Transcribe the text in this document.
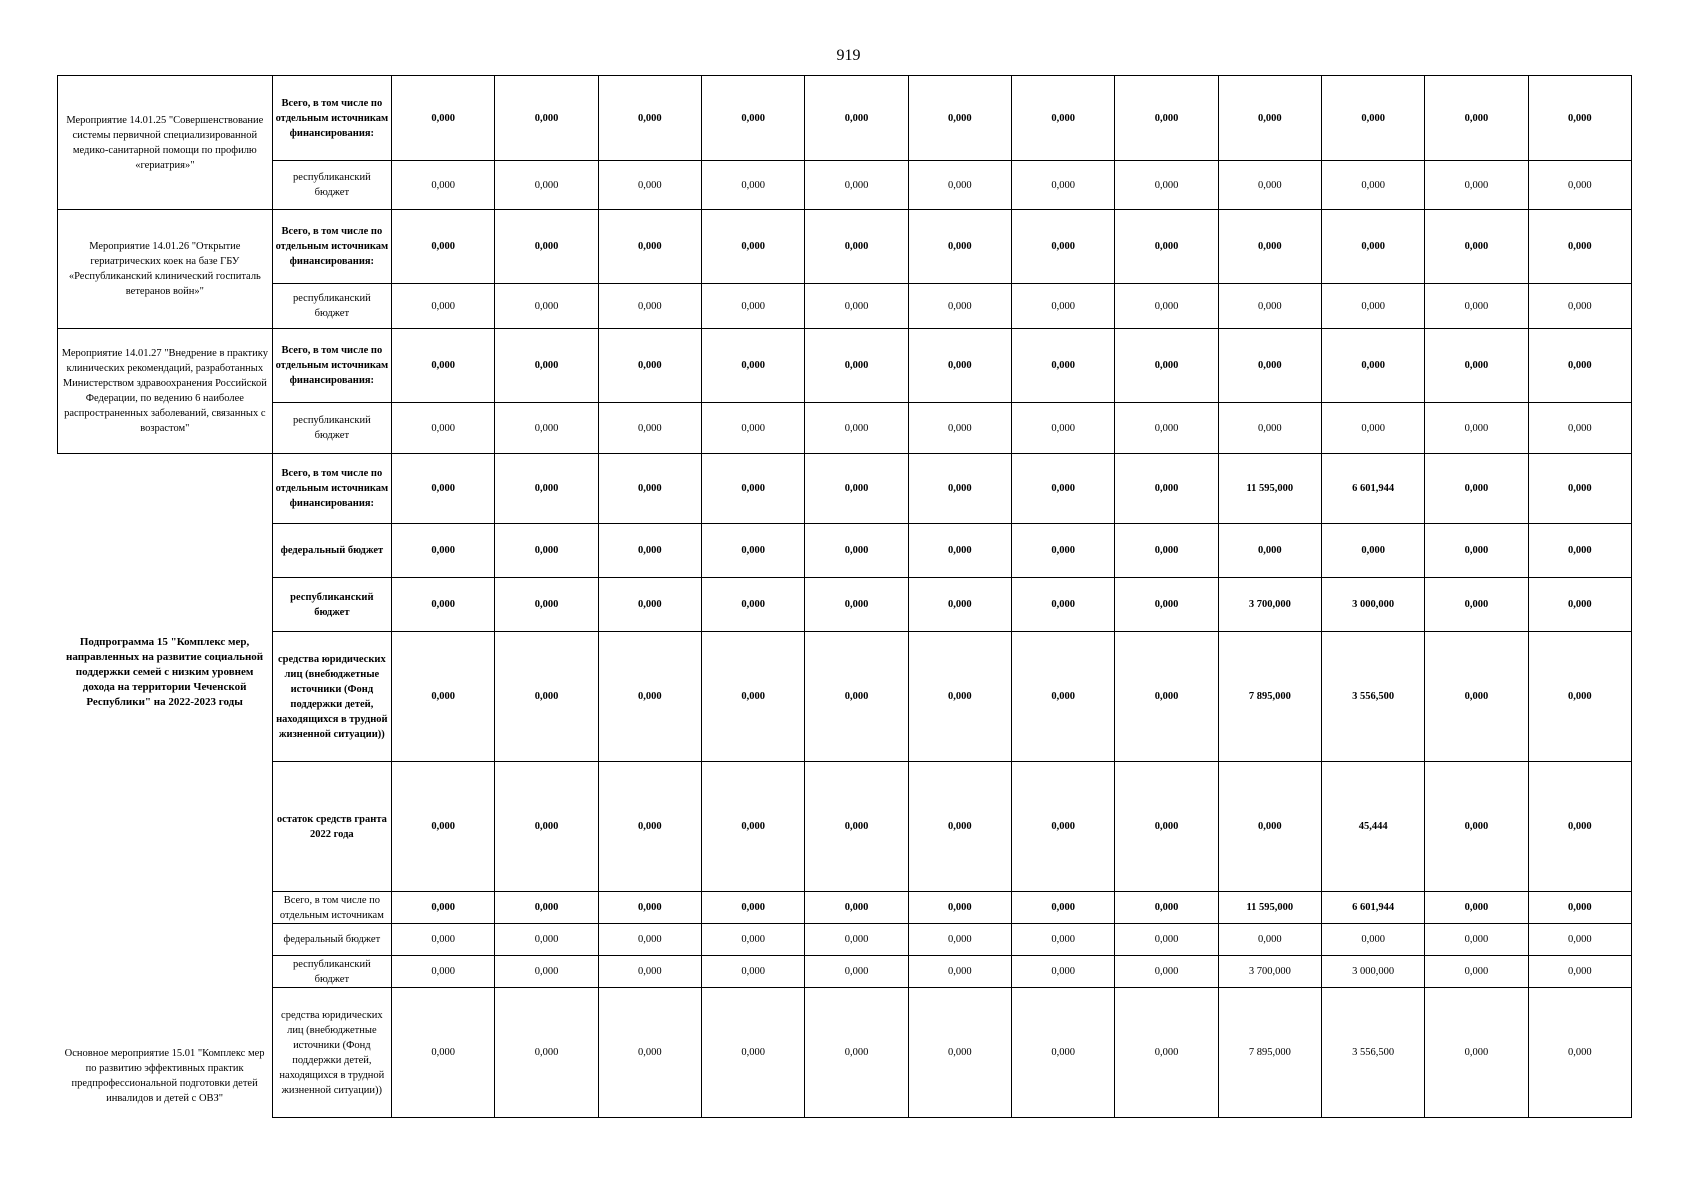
919
Мероприятие 14.01.25 "Совершенствование системы первичной специализированной медико-санитарной помощи по профилю «гериатрия»"	Всего, в том числе по отдельным источникам финансирования:	0,000	0,000	0,000	0,000	0,000	0,000	0,000	0,000	0,000	0,000	0,000	0,000
	республиканский бюджет	0,000	0,000	0,000	0,000	0,000	0,000	0,000	0,000	0,000	0,000	0,000	0,000
Мероприятие 14.01.26 "Открытие гериатрических коек на базе ГБУ «Республиканский клинический госпиталь ветеранов войн»"	Всего, в том числе по отдельным источникам финансирования:	0,000	0,000	0,000	0,000	0,000	0,000	0,000	0,000	0,000	0,000	0,000	0,000
	республиканский бюджет	0,000	0,000	0,000	0,000	0,000	0,000	0,000	0,000	0,000	0,000	0,000	0,000
Мероприятие 14.01.27 "Внедрение в практику клинических рекомендаций, разработанных Министерством здравоохранения Российской Федерации, по ведению 6 наиболее распространенных заболеваний, связанных с возрастом"	Всего, в том числе по отдельным источникам финансирования:	0,000	0,000	0,000	0,000	0,000	0,000	0,000	0,000	0,000	0,000	0,000	0,000
	республиканский бюджет	0,000	0,000	0,000	0,000	0,000	0,000	0,000	0,000	0,000	0,000	0,000	0,000
Подпрограмма 15 "Комплекс мер, направленных на развитие социальной поддержки семей с низким уровнем дохода на территории Чеченской Республики" на 2022-2023 годы	Всего, в том числе по отдельным источникам финансирования:	0,000	0,000	0,000	0,000	0,000	0,000	0,000	0,000	11 595,000	6 601,944	0,000	0,000
	федеральный бюджет	0,000	0,000	0,000	0,000	0,000	0,000	0,000	0,000	0,000	0,000	0,000	0,000
	республиканский бюджет	0,000	0,000	0,000	0,000	0,000	0,000	0,000	0,000	3 700,000	3 000,000	0,000	0,000
	средства юридических лиц (внебюджетные источники (Фонд поддержки детей, находящихся в трудной жизненной ситуации))	0,000	0,000	0,000	0,000	0,000	0,000	0,000	0,000	7 895,000	3 556,500	0,000	0,000
	остаток средств гранта 2022 года	0,000	0,000	0,000	0,000	0,000	0,000	0,000	0,000	0,000	45,444	0,000	0,000
Основное мероприятие 15.01 "Комплекс мер по развитию эффективных практик предпрофессиональной подготовки детей инвалидов и детей с ОВЗ"	Всего, в том числе по отдельным источникам	0,000	0,000	0,000	0,000	0,000	0,000	0,000	0,000	11 595,000	6 601,944	0,000	0,000
	федеральный бюджет	0,000	0,000	0,000	0,000	0,000	0,000	0,000	0,000	0,000	0,000	0,000	0,000
	республиканский бюджет	0,000	0,000	0,000	0,000	0,000	0,000	0,000	0,000	3 700,000	3 000,000	0,000	0,000
	средства юридических лиц (внебюджетные источники (Фонд поддержки детей, находящихся в трудной жизненной ситуации))	0,000	0,000	0,000	0,000	0,000	0,000	0,000	0,000	7 895,000	3 556,500	0,000	0,000
